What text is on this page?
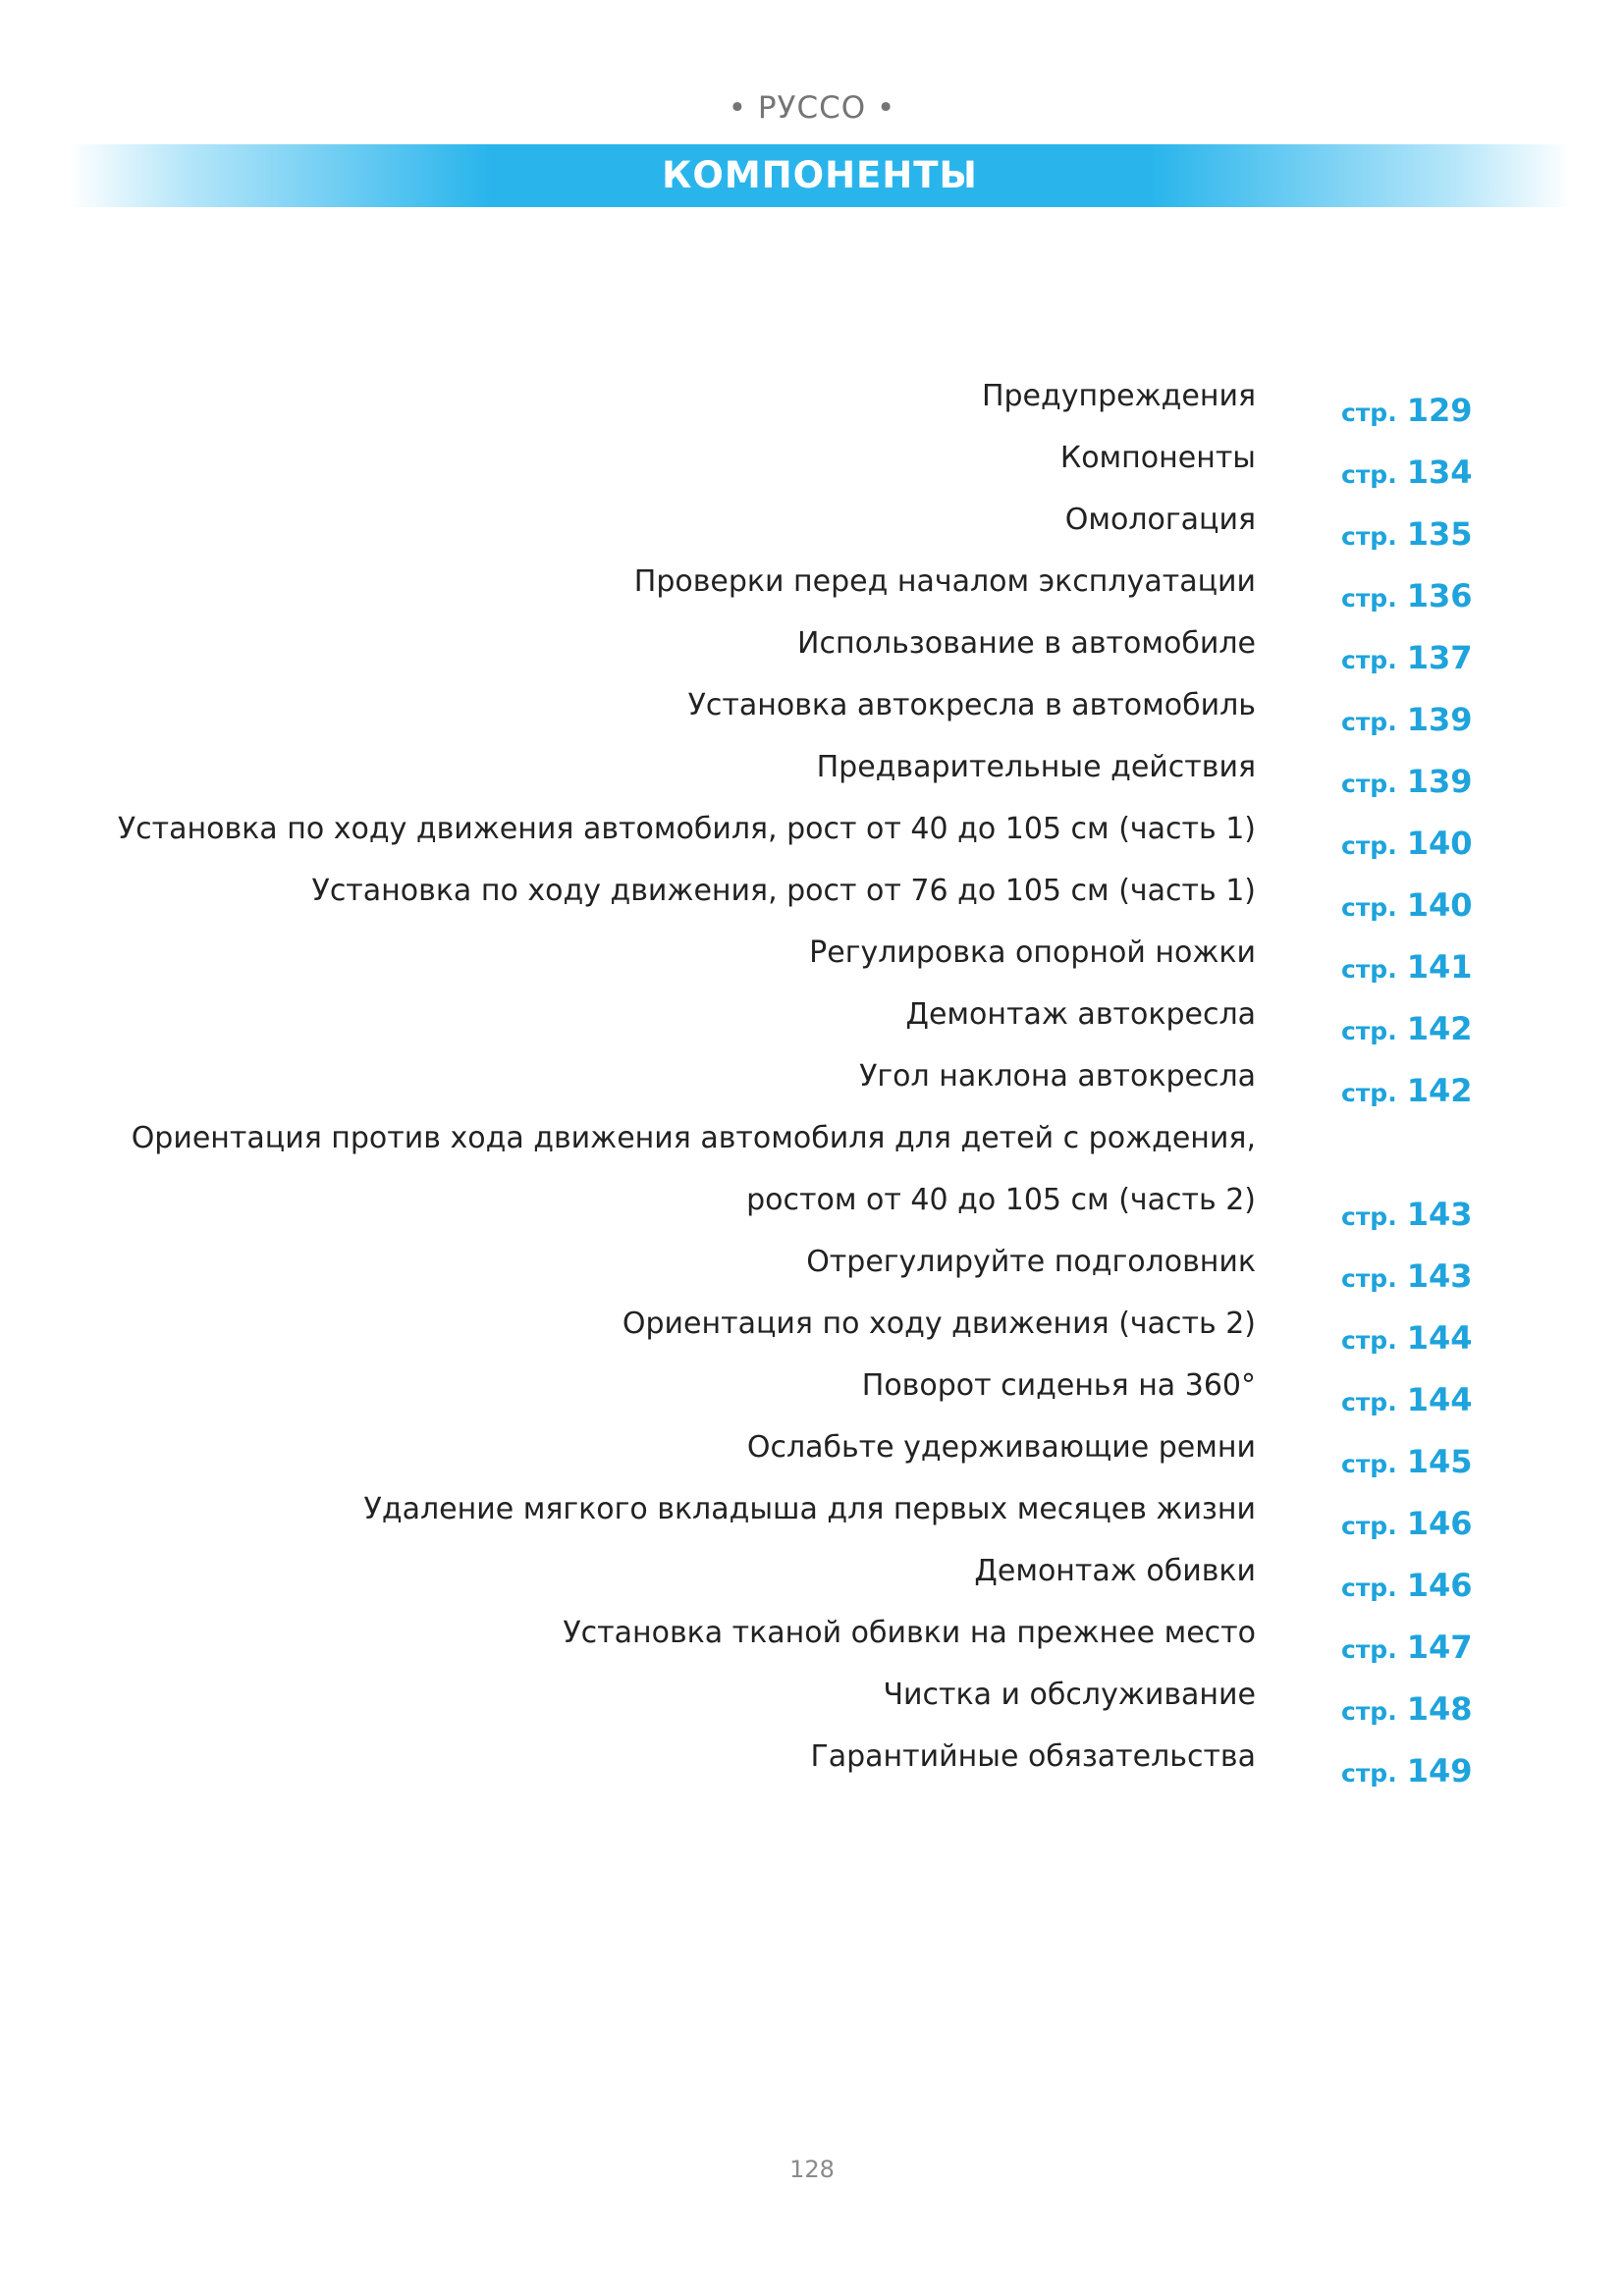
• РУССО •
КОМПОНЕНТЫ
Предупреждения	стр. 129
Компоненты	стр. 134
Омологация	стр. 135
Проверки перед началом эксплуатации	стр. 136
Использование в автомобиле	стр. 137
Установка автокресла в автомобиль	стр. 139
Предварительные действия	стр. 139
Установка по ходу движения автомобиля, рост от 40 до 105 см (часть 1)	стр. 140
Установка по ходу движения, рост от 76 до 105 см (часть 1)	стр. 140
Регулировка опорной ножки	стр. 141
Демонтаж автокресла	стр. 142
Угол наклона автокресла	стр. 142
Ориентация против хода движения автомобиля для детей с рождения,
ростом от 40 до 105 см (часть 2)	стр. 143
Отрегулируйте подголовник	стр. 143
Ориентация по ходу движения (часть 2)	стр. 144
Поворот сиденья на 360°	стр. 144
Ослабьте удерживающие ремни	стр. 145
Удаление мягкого вкладыша для первых месяцев жизни	стр. 146
Демонтаж обивки	стр. 146
Установка тканой обивки на прежнее место	стр. 147
Чистка и обслуживание	стр. 148
Гарантийные обязательства	стр. 149
128
